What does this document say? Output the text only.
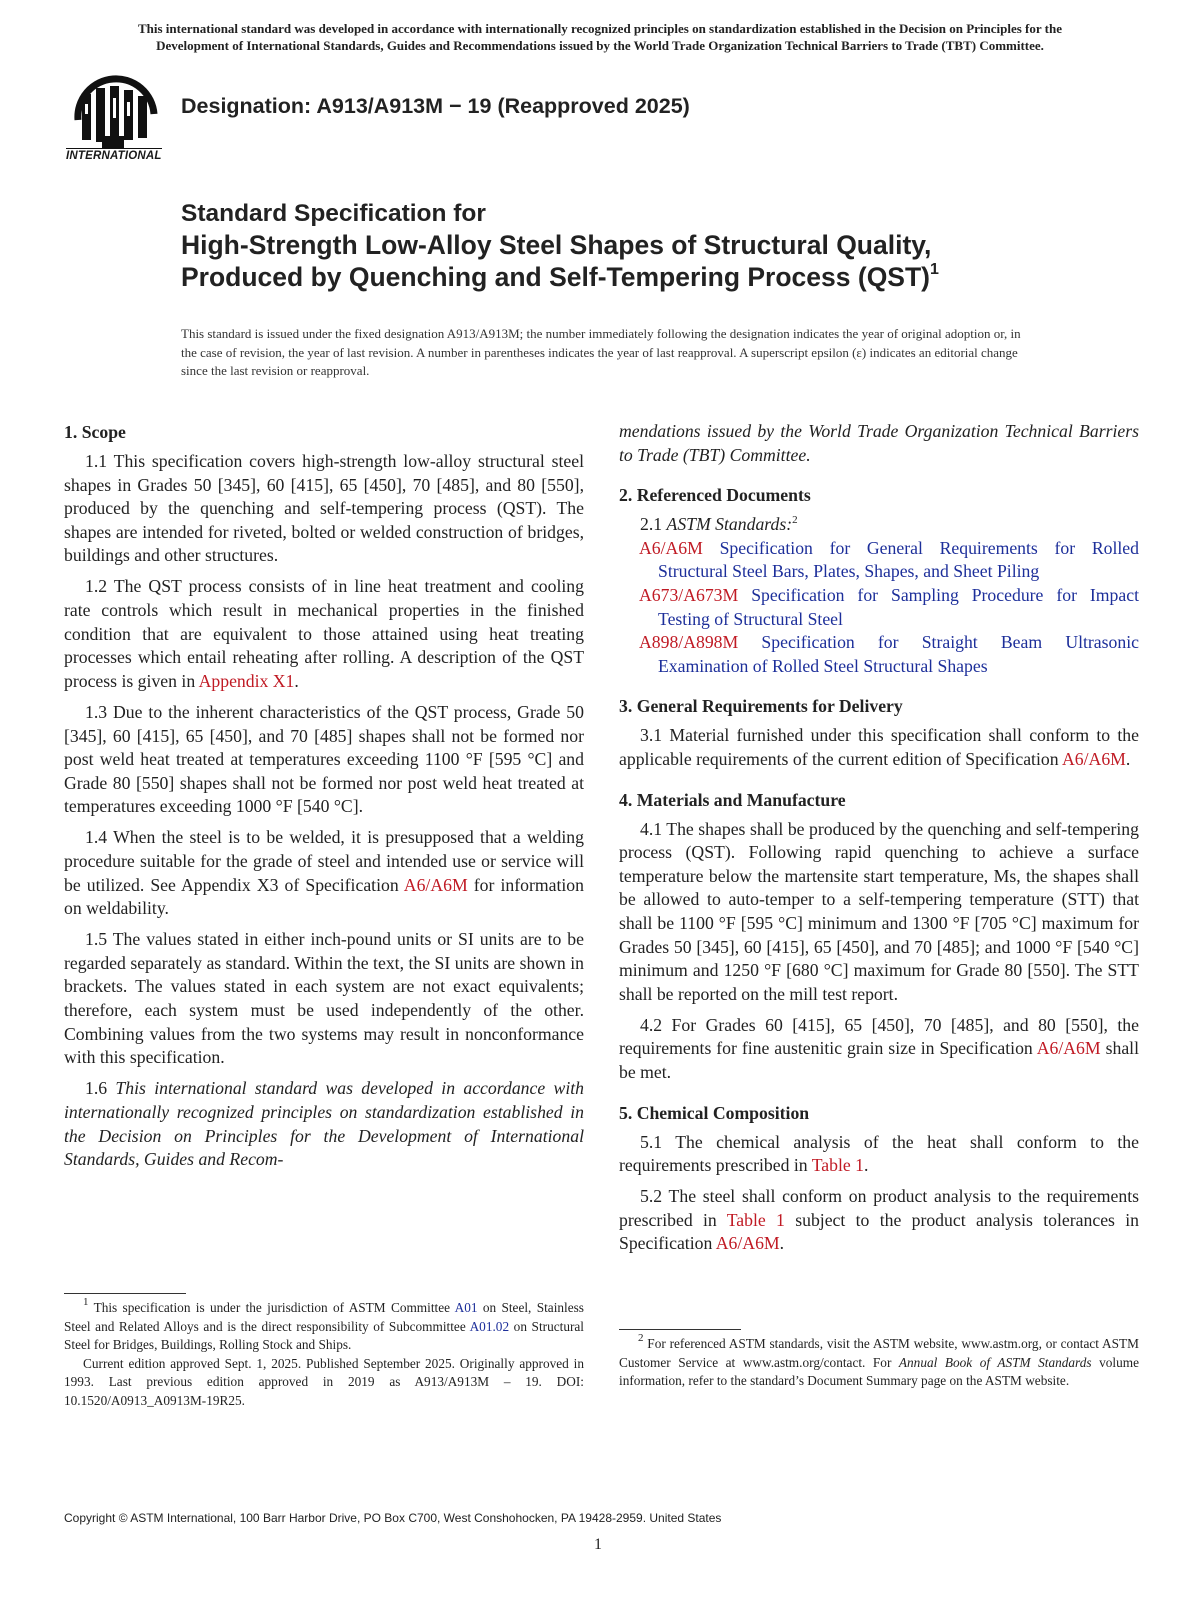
This international standard was developed in accordance with internationally recognized principles on standardization established in the Decision on Principles for the
Development of International Standards, Guides and Recommendations issued by the World Trade Organization Technical Barriers to Trade (TBT) Committee.
INTERNATIONAL
Designation: A913/A913M − 19 (Reapproved 2025)
Standard Specification for
High-Strength Low-Alloy Steel Shapes of Structural Quality,
Produced by Quenching and Self-Tempering Process (QST)$^1$
This standard is issued under the fixed designation A913/A913M; the number immediately following the designation indicates the year of original adoption or, in the case of revision, the year of last revision. A number in parentheses indicates the year of last reapproval. A superscript epsilon (ε) indicates an editorial change since the last revision or reapproval.
1. Scope

1.1 This specification covers high-strength low-alloy structural steel shapes in Grades 50 [345], 60 [415], 65 [450], 70 [485], and 80 [550], produced by the quenching and self-tempering process (QST). The shapes are intended for riveted, bolted or welded construction of bridges, buildings and other structures.

1.2 The QST process consists of in line heat treatment and cooling rate controls which result in mechanical properties in the finished condition that are equivalent to those attained using heat treating processes which entail reheating after rolling. A description of the QST process is given in Appendix X1.

1.3 Due to the inherent characteristics of the QST process, Grade 50 [345], 60 [415], 65 [450], and 70 [485] shapes shall not be formed nor post weld heat treated at temperatures exceeding 1100 °F [595 °C] and Grade 80 [550] shapes shall not be formed nor post weld heat treated at temperatures exceeding 1000 °F [540 °C].

1.4 When the steel is to be welded, it is presupposed that a welding procedure suitable for the grade of steel and intended use or service will be utilized. See Appendix X3 of Specification A6/A6M for information on weldability.

1.5 The values stated in either inch-pound units or SI units are to be regarded separately as standard. Within the text, the SI units are shown in brackets. The values stated in each system are not exact equivalents; therefore, each system must be used independently of the other. Combining values from the two systems may result in nonconformance with this specification.

1.6 This international standard was developed in accordance with internationally recognized principles on standardization established in the Decision on Principles for the Development of International Standards, Guides and Recom-

$^1$ This specification is under the jurisdiction of ASTM Committee A01 on Steel, Stainless Steel and Related Alloys and is the direct responsibility of Subcommittee A01.02 on Structural Steel for Bridges, Buildings, Rolling Stock and Ships.

Current edition approved Sept. 1, 2025. Published September 2025. Originally approved in 1993. Last previous edition approved in 2019 as A913/A913M – 19. DOI: 10.1520/A0913_A0913M-19R25.

mendations issued by the World Trade Organization Technical Barriers to Trade (TBT) Committee.

2. Referenced Documents

2.1 ASTM Standards:$^2$

A6/A6M Specification for General Requirements for Rolled Structural Steel Bars, Plates, Shapes, and Sheet Piling
A673/A673M Specification for Sampling Procedure for Impact Testing of Structural Steel
A898/A898M Specification for Straight Beam Ultrasonic Examination of Rolled Steel Structural Shapes
3. General Requirements for Delivery

3.1 Material furnished under this specification shall conform to the applicable requirements of the current edition of Specification A6/A6M.

4. Materials and Manufacture

4.1 The shapes shall be produced by the quenching and self-tempering process (QST). Following rapid quenching to achieve a surface temperature below the martensite start temperature, Ms, the shapes shall be allowed to auto-temper to a self-tempering temperature (STT) that shall be 1100 °F [595 °C] minimum and 1300 °F [705 °C] maximum for Grades 50 [345], 60 [415], 65 [450], and 70 [485]; and 1000 °F [540 °C] minimum and 1250 °F [680 °C] maximum for Grade 80 [550]. The STT shall be reported on the mill test report.

4.2 For Grades 60 [415], 65 [450], 70 [485], and 80 [550], the requirements for fine austenitic grain size in Specification A6/A6M shall be met.

5. Chemical Composition

5.1 The chemical analysis of the heat shall conform to the requirements prescribed in Table 1.

5.2 The steel shall conform on product analysis to the requirements prescribed in Table 1 subject to the product analysis tolerances in Specification A6/A6M.

$^2$ For referenced ASTM standards, visit the ASTM website, www.astm.org, or contact ASTM Customer Service at www.astm.org/contact. For Annual Book of ASTM Standards volume information, refer to the standard’s Document Summary page on the ASTM website.

Copyright © ASTM International, 100 Barr Harbor Drive, PO Box C700, West Conshohocken, PA 19428-2959. United States
1
